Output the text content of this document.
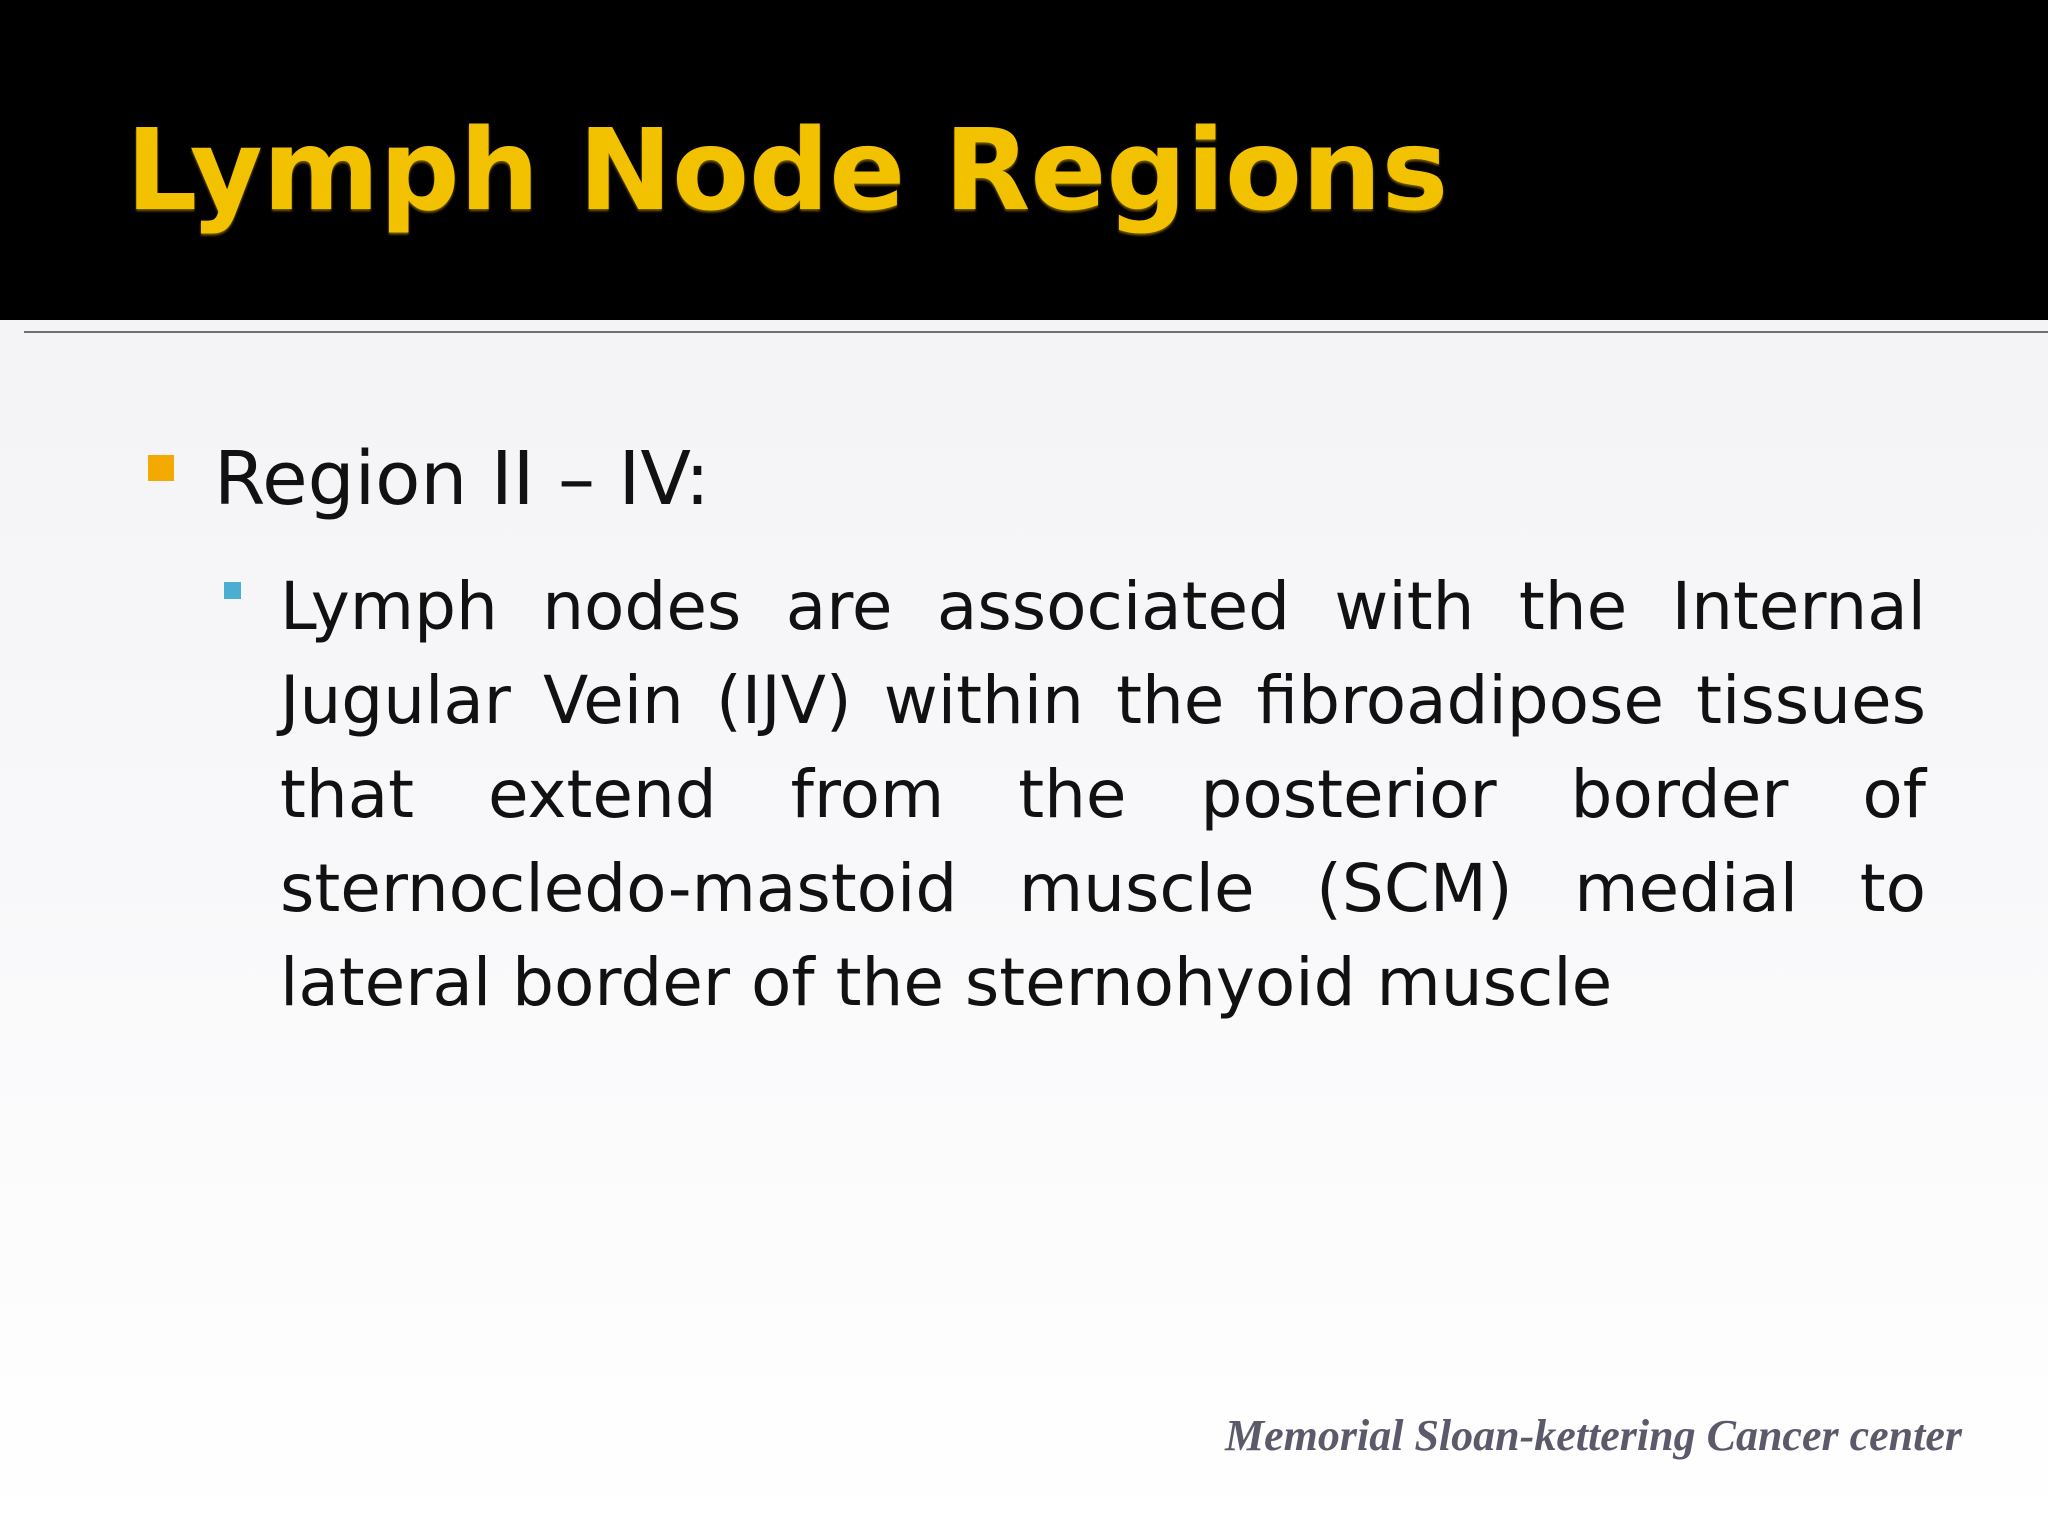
Lymph Node Regions

Region II – IV:

Lymph nodes are associated with the Internal Jugular Vein (IJV) within the fibroadipose tissues that extend from the posterior border of sternocledo-mastoid muscle (SCM) medial to lateral border of the sternohyoid muscle

Memorial Sloan-kettering Cancer center
